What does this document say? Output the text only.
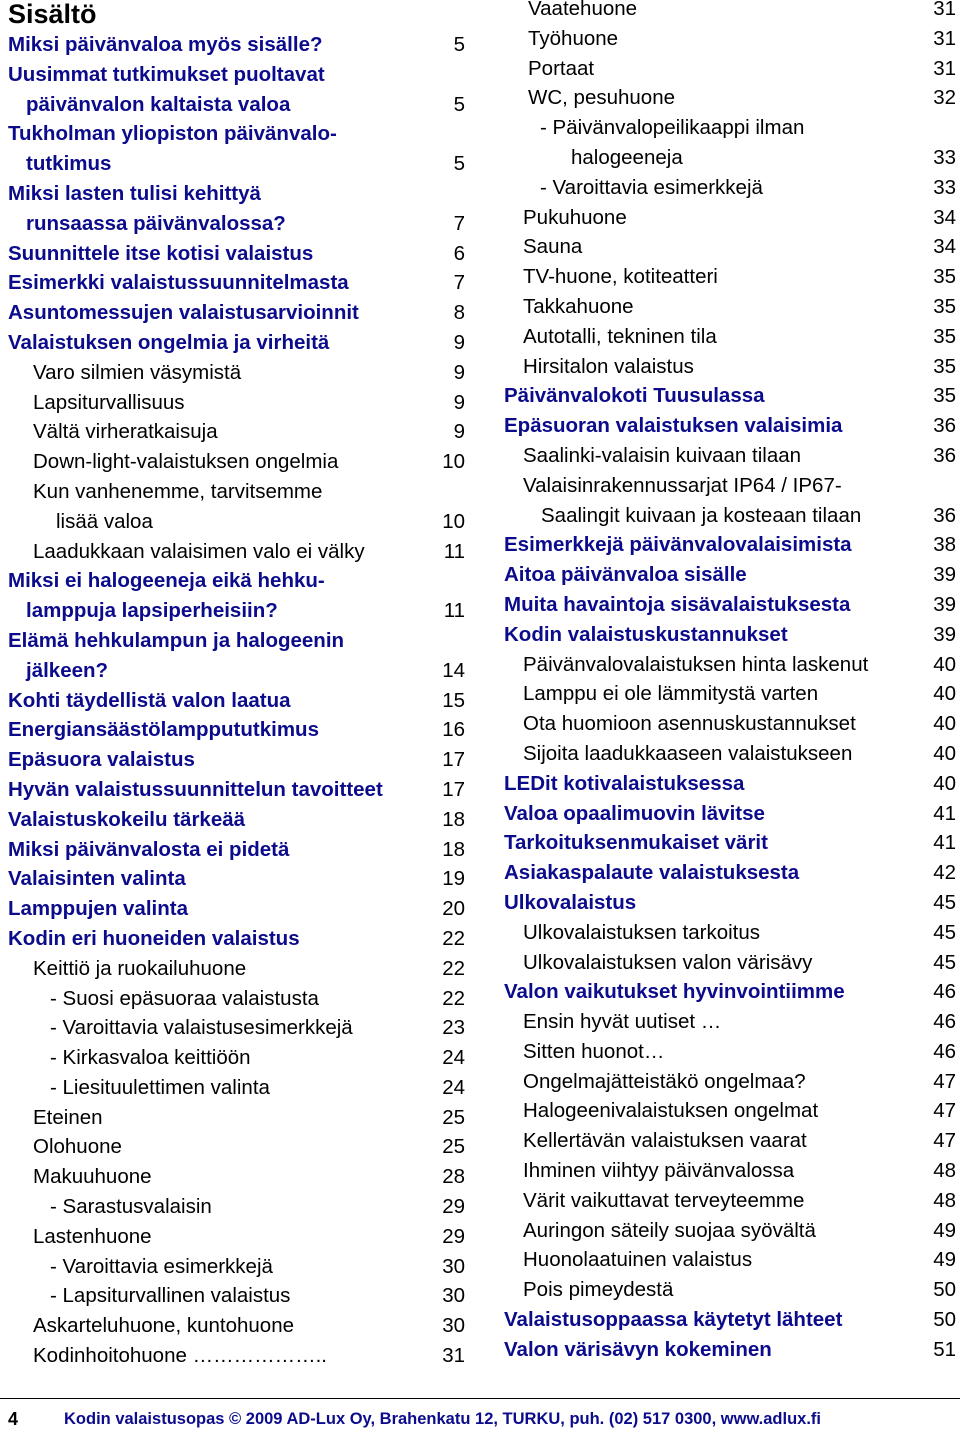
Sisältö
Miksi päivänvaloa myös sisälle?	5
Uusimmat tutkimukset puoltavat
päivänvalon kaltaista valoa	5
Tukholman yliopiston päivänvalo-
tutkimus	5
Miksi lasten tulisi kehittyä
runsaassa päivänvalossa?	7
Suunnittele itse kotisi valaistus	6
Esimerkki valaistussuunnitelmasta	7
Asuntomessujen valaistusarvioinnit	8
Valaistuksen ongelmia ja virheitä	9
Varo silmien väsymistä	9
Lapsiturvallisuus	9
Vältä virheratkaisuja	9
Down-light-valaistuksen ongelmia	10
Kun vanhenemme, tarvitsemme
lisää valoa	10
Laadukkaan valaisimen valo ei välky	11
Miksi ei halogeeneja eikä hehku-
lamppuja lapsiperheisiin?	11
Elämä hehkulampun ja halogeenin
jälkeen?	14
Kohti täydellistä valon laatua	15
Energiansäästölamppututkimus	16
Epäsuora valaistus	17
Hyvän valaistussuunnittelun tavoitteet	17
Valaistuskokeilu tärkeää	18
Miksi päivänvalosta ei pidetä	18
Valaisinten valinta	19
Lamppujen valinta	20
Kodin eri huoneiden valaistus	22
Keittiö ja ruokailuhuone	22
- Suosi epäsuoraa valaistusta	22
- Varoittavia valaistusesimerkkejä	23
- Kirkasvaloa keittiöön	24
- Liesituulettimen valinta	24
Eteinen	25
Olohuone	25
Makuuhuone	28
- Sarastusvalaisin	29
Lastenhuone	29
- Varoittavia esimerkkejä	30
- Lapsiturvallinen valaistus	30
Askarteluhuone, kuntohuone	30
Kodinhoitohuone ………………..	31
Vaatehuone	31
Työhuone	31
Portaat	31
WC, pesuhuone	32
- Päivänvalopeilikaappi ilman
halogeeneja	33
- Varoittavia esimerkkejä	33
Pukuhuone	34
Sauna	34
TV-huone, kotiteatteri	35
Takkahuone	35
Autotalli, tekninen tila	35
Hirsitalon valaistus	35
Päivänvalokoti Tuusulassa	35
Epäsuoran valaistuksen valaisimia	36
Saalinki-valaisin kuivaan tilaan	36
Valaisinrakennussarjat IP64 / IP67-
Saalingit kuivaan ja kosteaan tilaan	36
Esimerkkejä päivänvalovalaisimista	38
Aitoa päivänvaloa sisälle	39
Muita havaintoja sisävalaistuksesta	39
Kodin valaistuskustannukset	39
Päivänvalovalaistuksen hinta laskenut	40
Lamppu ei ole lämmitystä varten	40
Ota huomioon asennuskustannukset	40
Sijoita laadukkaaseen valaistukseen	40
LEDit kotivalaistuksessa	40
Valoa opaalimuovin lävitse	41
Tarkoituksenmukaiset värit	41
Asiakaspalaute valaistuksesta	42
Ulkovalaistus	45
Ulkovalaistuksen tarkoitus	45
Ulkovalaistuksen valon värisävy	45
Valon vaikutukset hyvinvointiimme	46
Ensin hyvät uutiset …	46
Sitten huonot…	46
Ongelmajätteistäkö ongelmaa?	47
Halogeenivalaistuksen ongelmat	47
Kellertävän valaistuksen vaarat	47
Ihminen viihtyy päivänvalossa	48
Värit vaikuttavat terveyteemme	48
Auringon säteily suojaa syövältä	49
Huonolaatuinen valaistus	49
Pois pimeydestä	50
Valaistusoppaassa käytetyt lähteet	50
Valon värisävyn kokeminen	51
4	Kodin valaistusopas © 2009 AD-Lux Oy, Brahenkatu 12, TURKU, puh. (02) 517 0300, www.adlux.fi
